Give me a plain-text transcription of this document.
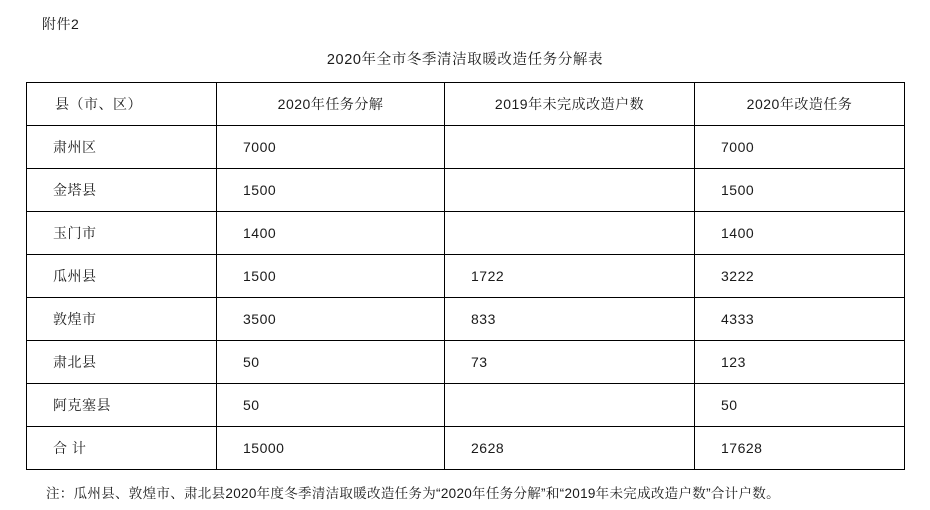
附件2
2020年全市冬季清洁取暖改造任务分解表
县（市、区）	2020年任务分解	2019年未完成改造户数	2020年改造任务
肃州区	7000		7000
金塔县	1500		1500
玉门市	1400		1400
瓜州县	1500	1722	3222
敦煌市	3500	833	4333
肃北县	50	73	123
阿克塞县	50		50
合 计	15000	2628	17628
注：瓜州县、敦煌市、肃北县2020年度冬季清洁取暖改造任务为“2020年任务分解”和“2019年未完成改造户数”合计户数。
